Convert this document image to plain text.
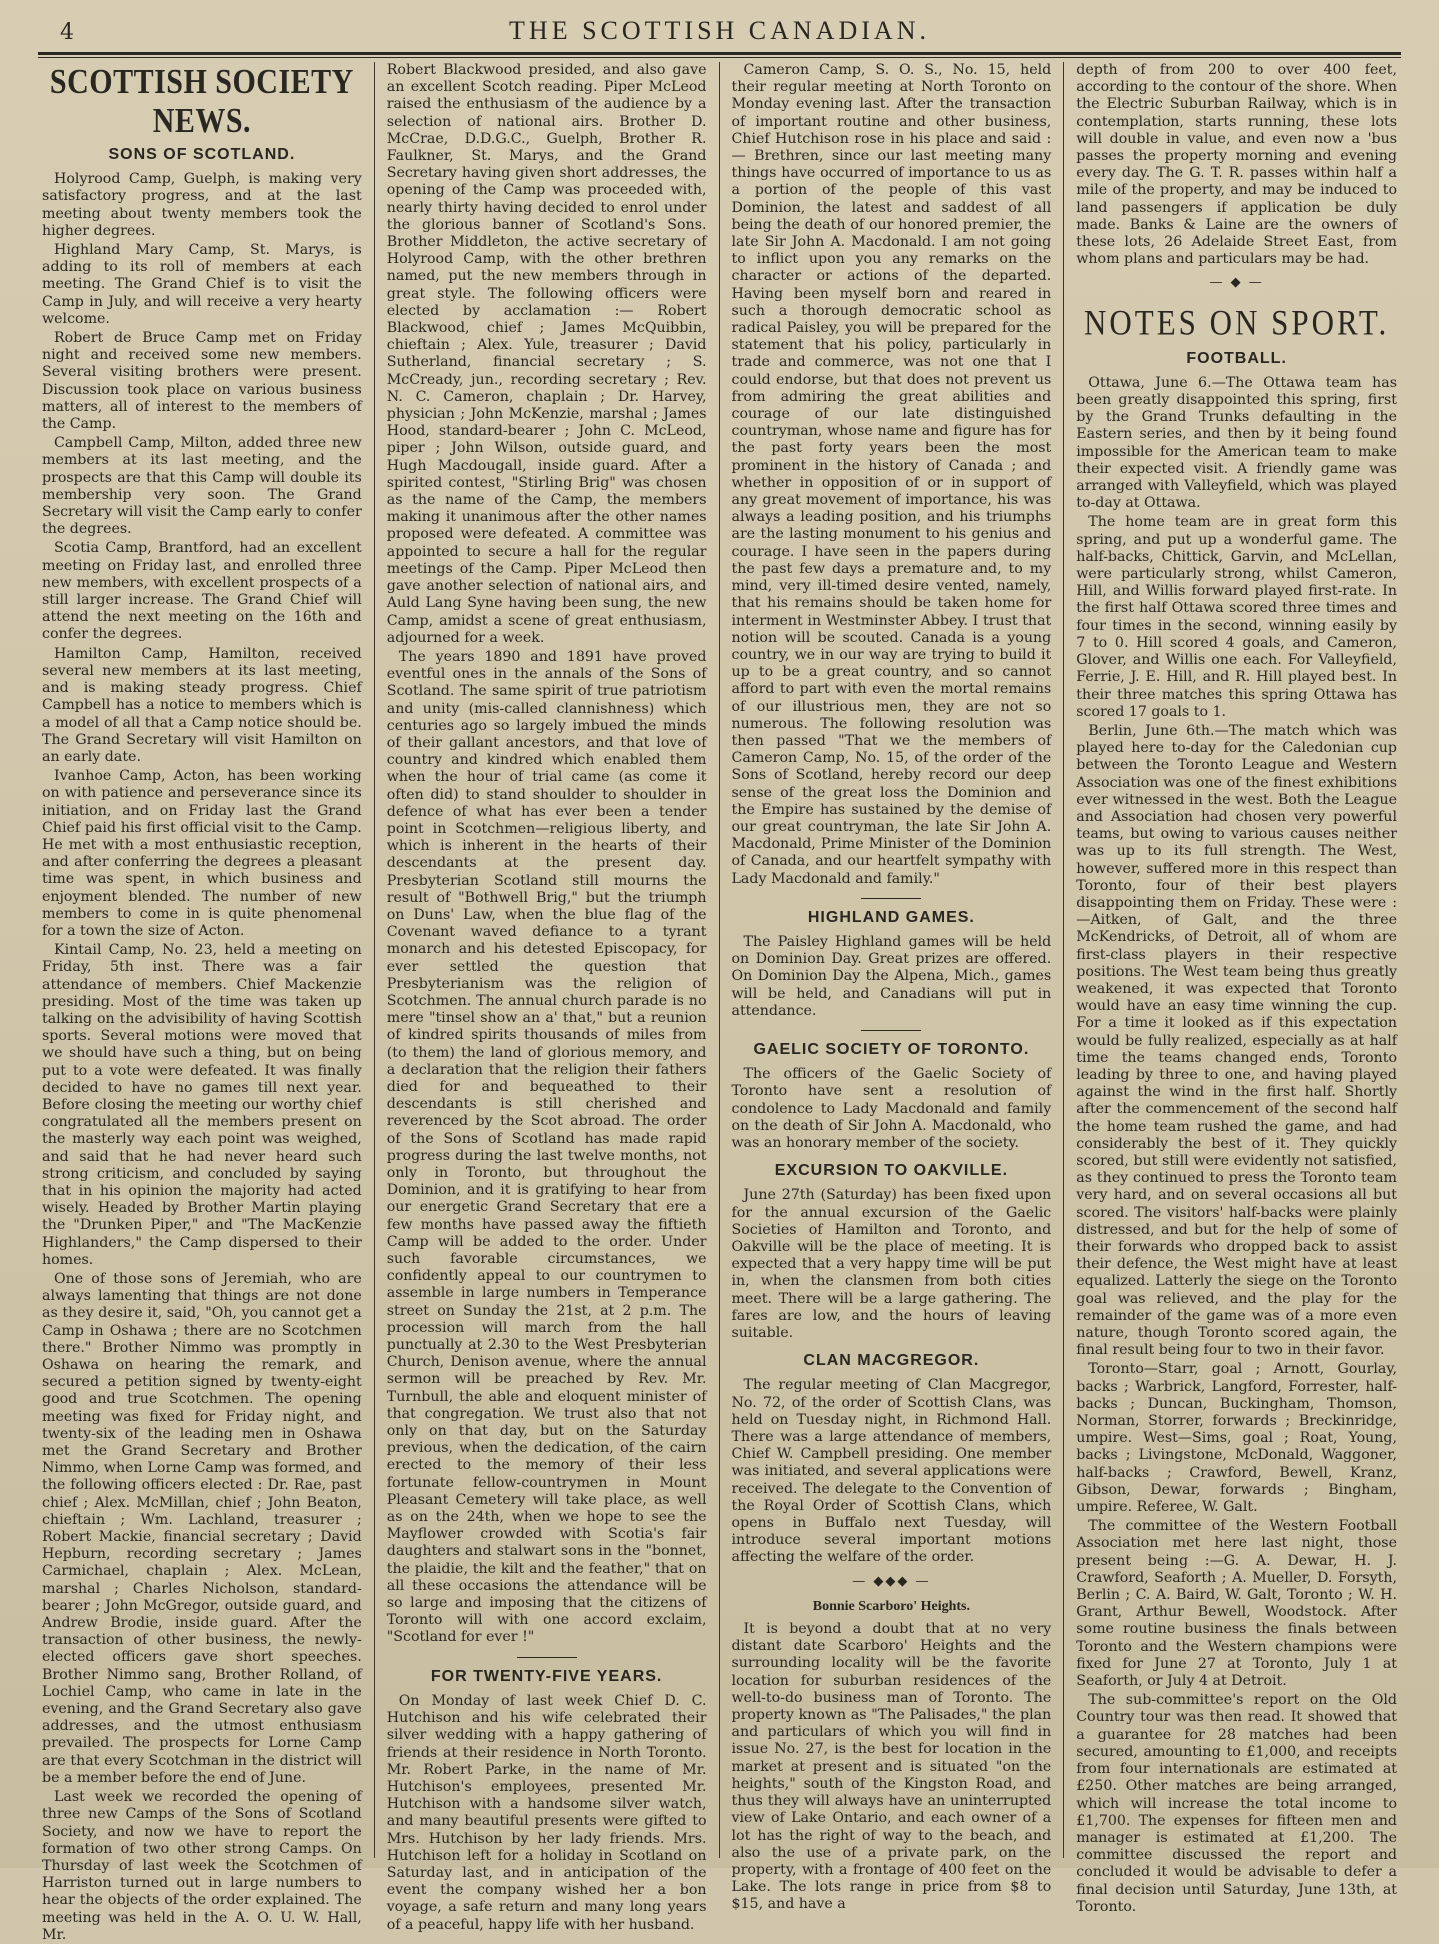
4	THE SCOTTISH CANADIAN.
SCOTTISH SOCIETY NEWS.
SONS OF SCOTLAND.

Holyrood Camp, Guelph, is making very satisfactory progress, and at the last meeting about twenty members took the higher degrees.

Highland Mary Camp, St. Marys, is adding to its roll of members at each meeting. The Grand Chief is to visit the Camp in July, and will receive a very hearty welcome.

Robert de Bruce Camp met on Friday night and received some new members. Several visiting brothers were present. Discussion took place on various business matters, all of interest to the members of the Camp.

Campbell Camp, Milton, added three new members at its last meeting, and the prospects are that this Camp will double its membership very soon. The Grand Secretary will visit the Camp early to confer the degrees.

Scotia Camp, Brantford, had an excellent meeting on Friday last, and enrolled three new members, with excellent prospects of a still larger increase. The Grand Chief will attend the next meeting on the 16th and confer the degrees.

Hamilton Camp, Hamilton, received several new members at its last meeting, and is making steady progress. Chief Campbell has a notice to members which is a model of all that a Camp notice should be. The Grand Secretary will visit Hamilton on an early date.

Ivanhoe Camp, Acton, has been working on with patience and perseverance since its initiation, and on Friday last the Grand Chief paid his first official visit to the Camp. He met with a most enthusiastic reception, and after conferring the degrees a pleasant time was spent, in which business and enjoyment blended. The number of new members to come in is quite phenomenal for a town the size of Acton.

Kintail Camp, No. 23, held a meeting on Friday, 5th inst. There was a fair attendance of members. Chief Mackenzie presiding. Most of the time was taken up talking on the advisibility of having Scottish sports. Several motions were moved that we should have such a thing, but on being put to a vote were defeated. It was finally decided to have no games till next year. Before closing the meeting our worthy chief congratulated all the members present on the masterly way each point was weighed, and said that he had never heard such strong criticism, and concluded by saying that in his opinion the majority had acted wisely. Headed by Brother Martin playing the "Drunken Piper," and "The MacKenzie Highlanders," the Camp dispersed to their homes.

One of those sons of Jeremiah, who are always lamenting that things are not done as they desire it, said, "Oh, you cannot get a Camp in Oshawa ; there are no Scotchmen there." Brother Nimmo was promptly in Oshawa on hearing the remark, and secured a petition signed by twenty-eight good and true Scotchmen. The opening meeting was fixed for Friday night, and twenty-six of the leading men in Oshawa met the Grand Secretary and Brother Nimmo, when Lorne Camp was formed, and the following officers elected : Dr. Rae, past chief ; Alex. McMillan, chief ; John Beaton, chieftain ; Wm. Lachland, treasurer ; Robert Mackie, financial secretary ; David Hepburn, recording secretary ; James Carmichael, chaplain ; Alex. McLean, marshal ; Charles Nicholson, standard-bearer ; John McGregor, outside guard, and Andrew Brodie, inside guard. After the transaction of other business, the newly-elected officers gave short speeches. Brother Nimmo sang, Brother Rolland, of Lochiel Camp, who came in late in the evening, and the Grand Secretary also gave addresses, and the utmost enthusiasm prevailed. The prospects for Lorne Camp are that every Scotchman in the district will be a member before the end of June.

Last week we recorded the opening of three new Camps of the Sons of Scotland Society, and now we have to report the formation of two other strong Camps. On Thursday of last week the Scotchmen of Harriston turned out in large numbers to hear the objects of the order explained. The meeting was held in the A. O. U. W. Hall, Mr.

Robert Blackwood presided, and also gave an excellent Scotch reading. Piper McLeod raised the enthusiasm of the audience by a selection of national airs. Brother D. McCrae, D.D.G.C., Guelph, Brother R. Faulkner, St. Marys, and the Grand Secretary having given short addresses, the opening of the Camp was proceeded with, nearly thirty having decided to enrol under the glorious banner of Scotland's Sons. Brother Middleton, the active secretary of Holyrood Camp, with the other brethren named, put the new members through in great style. The following officers were elected by acclamation :— Robert Blackwood, chief ; James McQuibbin, chieftain ; Alex. Yule, treasurer ; David Sutherland, financial secretary ; S. McCready, jun., recording secretary ; Rev. N. C. Cameron, chaplain ; Dr. Harvey, physician ; John McKenzie, marshal ; James Hood, standard-bearer ; John C. McLeod, piper ; John Wilson, outside guard, and Hugh Macdougall, inside guard. After a spirited contest, "Stirling Brig" was chosen as the name of the Camp, the members making it unanimous after the other names proposed were defeated. A committee was appointed to secure a hall for the regular meetings of the Camp. Piper McLeod then gave another selection of national airs, and Auld Lang Syne having been sung, the new Camp, amidst a scene of great enthusiasm, adjourned for a week.

The years 1890 and 1891 have proved eventful ones in the annals of the Sons of Scotland. The same spirit of true patriotism and unity (mis-called clannishness) which centuries ago so largely imbued the minds of their gallant ancestors, and that love of country and kindred which enabled them when the hour of trial came (as come it often did) to stand shoulder to shoulder in defence of what has ever been a tender point in Scotchmen—religious liberty, and which is inherent in the hearts of their descendants at the present day. Presbyterian Scotland still mourns the result of "Bothwell Brig," but the triumph on Duns' Law, when the blue flag of the Covenant waved defiance to a tyrant monarch and his detested Episcopacy, for ever settled the question that Presbyterianism was the religion of Scotchmen. The annual church parade is no mere "tinsel show an a' that," but a reunion of kindred spirits thousands of miles from (to them) the land of glorious memory, and a declaration that the religion their fathers died for and bequeathed to their descendants is still cherished and reverenced by the Scot abroad. The order of the Sons of Scotland has made rapid progress during the last twelve months, not only in Toronto, but throughout the Dominion, and it is gratifying to hear from our energetic Grand Secretary that ere a few months have passed away the fiftieth Camp will be added to the order. Under such favorable circumstances, we confidently appeal to our countrymen to assemble in large numbers in Temperance street on Sunday the 21st, at 2 p.m. The procession will march from the hall punctually at 2.30 to the West Presbyterian Church, Denison avenue, where the annual sermon will be preached by Rev. Mr. Turnbull, the able and eloquent minister of that congregation. We trust also that not only on that day, but on the Saturday previous, when the dedication, of the cairn erected to the memory of their less fortunate fellow-countrymen in Mount Pleasant Cemetery will take place, as well as on the 24th, when we hope to see the Mayflower crowded with Scotia's fair daughters and stalwart sons in the "bonnet, the plaidie, the kilt and the feather," that on all these occasions the attendance will be so large and imposing that the citizens of Toronto will with one accord exclaim, "Scotland for ever !"

FOR TWENTY-FIVE YEARS.

On Monday of last week Chief D. C. Hutchison and his wife celebrated their silver wedding with a happy gathering of friends at their residence in North Toronto. Mr. Robert Parke, in the name of Mr. Hutchison's employees, presented Mr. Hutchison with a handsome silver watch, and many beautiful presents were gifted to Mrs. Hutchison by her lady friends. Mrs. Hutchison left for a holiday in Scotland on Saturday last, and in anticipation of the event the company wished her a bon voyage, a safe return and many long years of a peaceful, happy life with her husband.

Cameron Camp, S. O. S., No. 15, held their regular meeting at North Toronto on Monday evening last. After the transaction of important routine and other business, Chief Hutchison rose in his place and said :— Brethren, since our last meeting many things have occurred of importance to us as a portion of the people of this vast Dominion, the latest and saddest of all being the death of our honored premier, the late Sir John A. Macdonald. I am not going to inflict upon you any remarks on the character or actions of the departed. Having been myself born and reared in such a thorough democratic school as radical Paisley, you will be prepared for the statement that his policy, particularly in trade and commerce, was not one that I could endorse, but that does not prevent us from admiring the great abilities and courage of our late distinguished countryman, whose name and figure has for the past forty years been the most prominent in the history of Canada ; and whether in opposition of or in support of any great movement of importance, his was always a leading position, and his triumphs are the lasting monument to his genius and courage. I have seen in the papers during the past few days a premature and, to my mind, very ill-timed desire vented, namely, that his remains should be taken home for interment in Westminster Abbey. I trust that notion will be scouted. Canada is a young country, we in our way are trying to build it up to be a great country, and so cannot afford to part with even the mortal remains of our illustrious men, they are not so numerous. The following resolution was then passed "That we the members of Cameron Camp, No. 15, of the order of the Sons of Scotland, hereby record our deep sense of the great loss the Dominion and the Empire has sustained by the demise of our great countryman, the late Sir John A. Macdonald, Prime Minister of the Dominion of Canada, and our heartfelt sympathy with Lady Macdonald and family."

HIGHLAND GAMES.

The Paisley Highland games will be held on Dominion Day. Great prizes are offered. On Dominion Day the Alpena, Mich., games will be held, and Canadians will put in attendance.

GAELIC SOCIETY OF TORONTO.

The officers of the Gaelic Society of Toronto have sent a resolution of condolence to Lady Macdonald and family on the death of Sir John A. Macdonald, who was an honorary member of the society.

EXCURSION TO OAKVILLE.

June 27th (Saturday) has been fixed upon for the annual excursion of the Gaelic Societies of Hamilton and Toronto, and Oakville will be the place of meeting. It is expected that a very happy time will be put in, when the clansmen from both cities meet. There will be a large gathering. The fares are low, and the hours of leaving suitable.

CLAN MACGREGOR.

The regular meeting of Clan Macgregor, No. 72, of the order of Scottish Clans, was held on Tuesday night, in Richmond Hall. There was a large attendance of members, Chief W. Campbell presiding. One member was initiated, and several applications were received. The delegate to the Convention of the Royal Order of Scottish Clans, which opens in Buffalo next Tuesday, will introduce several important motions affecting the welfare of the order.

— ◆◆◆ —
Bonnie Scarboro' Heights.

It is beyond a doubt that at no very distant date Scarboro' Heights and the surrounding locality will be the favorite location for suburban residences of the well-to-do business man of Toronto. The property known as "The Palisades," the plan and particulars of which you will find in issue No. 27, is the best for location in the market at present and is situated "on the heights," south of the Kingston Road, and thus they will always have an uninterrupted view of Lake Ontario, and each owner of a lot has the right of way to the beach, and also the use of a private park, on the property, with a frontage of 400 feet on the Lake. The lots range in price from $8 to $15, and have a

depth of from 200 to over 400 feet, according to the contour of the shore. When the Electric Suburban Railway, which is in contemplation, starts running, these lots will double in value, and even now a 'bus passes the property morning and evening every day. The G. T. R. passes within half a mile of the property, and may be induced to land passengers if application be duly made. Banks & Laine are the owners of these lots, 26 Adelaide Street East, from whom plans and particulars may be had.

— ◆ —
NOTES ON SPORT.
FOOTBALL.

Ottawa, June 6.—The Ottawa team has been greatly disappointed this spring, first by the Grand Trunks defaulting in the Eastern series, and then by it being found impossible for the American team to make their expected visit. A friendly game was arranged with Valleyfield, which was played to-day at Ottawa.

The home team are in great form this spring, and put up a wonderful game. The half-backs, Chittick, Garvin, and McLellan, were particularly strong, whilst Cameron, Hill, and Willis forward played first-rate. In the first half Ottawa scored three times and four times in the second, winning easily by 7 to 0. Hill scored 4 goals, and Cameron, Glover, and Willis one each. For Valleyfield, Ferrie, J. E. Hill, and R. Hill played best. In their three matches this spring Ottawa has scored 17 goals to 1.

Berlin, June 6th.—The match which was played here to-day for the Caledonian cup between the Toronto League and Western Association was one of the finest exhibitions ever witnessed in the west. Both the League and Association had chosen very powerful teams, but owing to various causes neither was up to its full strength. The West, however, suffered more in this respect than Toronto, four of their best players disappointing them on Friday. These were :—Aitken, of Galt, and the three McKendricks, of Detroit, all of whom are first-class players in their respective positions. The West team being thus greatly weakened, it was expected that Toronto would have an easy time winning the cup. For a time it looked as if this expectation would be fully realized, especially as at half time the teams changed ends, Toronto leading by three to one, and having played against the wind in the first half. Shortly after the commencement of the second half the home team rushed the game, and had considerably the best of it. They quickly scored, but still were evidently not satisfied, as they continued to press the Toronto team very hard, and on several occasions all but scored. The visitors' half-backs were plainly distressed, and but for the help of some of their forwards who dropped back to assist their defence, the West might have at least equalized. Latterly the siege on the Toronto goal was relieved, and the play for the remainder of the game was of a more even nature, though Toronto scored again, the final result being four to two in their favor.

Toronto—Starr, goal ; Arnott, Gourlay, backs ; Warbrick, Langford, Forrester, half-backs ; Duncan, Buckingham, Thomson, Norman, Storrer, forwards ; Breckinridge, umpire. West—Sims, goal ; Roat, Young, backs ; Livingstone, McDonald, Waggoner, half-backs ; Crawford, Bewell, Kranz, Gibson, Dewar, forwards ; Bingham, umpire. Referee, W. Galt.

The committee of the Western Football Association met here last night, those present being :—G. A. Dewar, H. J. Crawford, Seaforth ; A. Mueller, D. Forsyth, Berlin ; C. A. Baird, W. Galt, Toronto ; W. H. Grant, Arthur Bewell, Woodstock. After some routine business the finals between Toronto and the Western champions were fixed for June 27 at Toronto, July 1 at Seaforth, or July 4 at Detroit.

The sub-committee's report on the Old Country tour was then read. It showed that a guarantee for 28 matches had been secured, amounting to £1,000, and receipts from four internationals are estimated at £250. Other matches are being arranged, which will increase the total income to £1,700. The expenses for fifteen men and manager is estimated at £1,200. The committee discussed the report and concluded it would be advisable to defer a final decision until Saturday, June 13th, at Toronto.
